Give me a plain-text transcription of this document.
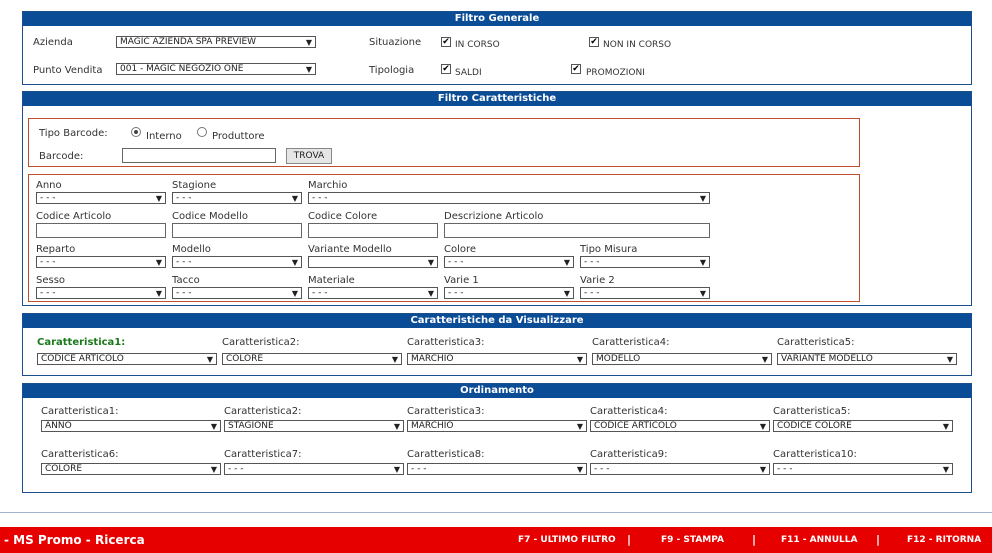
Filtro Generale
Azienda	MAGIC AZIENDA SPA PREVIEW	▼
Punto Vendita	001 - MAGIC NEGOZIO ONE	▼
Situazione ✔ IN CORSO	✔ NON IN CORSO
Tipologia	✔ SALDI	✔ PROMOZIONI
Filtro Caratteristiche
Tipo Barcode:	Interno	Produttore
Barcode:	TROVA
Anno
- - -	▼
Stagione
- - -	▼
Marchio
- - -	▼
Codice Articolo	Codice Modello	Codice Colore	Descrizione Articolo
Reparto
- - -	▼
Modello
- - -	▼
Variante Modello
▼
Colore
- - -	▼
Tipo Misura
- - -	▼
Sesso
- - -	▼
Tacco
- - -	▼
Materiale
- - -	▼
Varie 1
- - -	▼
Varie 2
- - -	▼
Caratteristiche da Visualizzare
Caratteristica1:
CODICE ARTICOLO	▼
Caratteristica2:
COLORE	▼
Caratteristica3:
MARCHIO	▼
Caratteristica4:
MODELLO	▼
Caratteristica5:
VARIANTE MODELLO	▼
Ordinamento
Caratteristica1:
ANNO	▼
Caratteristica2:
STAGIONE	▼
Caratteristica3:
MARCHIO	▼
Caratteristica4:
CODICE ARTICOLO	▼
Caratteristica5:
CODICE COLORE	▼
Caratteristica6:
COLORE	▼
Caratteristica7:
- - -	▼
Caratteristica8:
- - -	▼
Caratteristica9:
- - -	▼
Caratteristica10:
- - -	▼
- MS Promo - Ricerca	F7 - ULTIMO FILTRO |	F9 - STAMPA	|	F11 - ANNULLA |	F12 - RITORNA
